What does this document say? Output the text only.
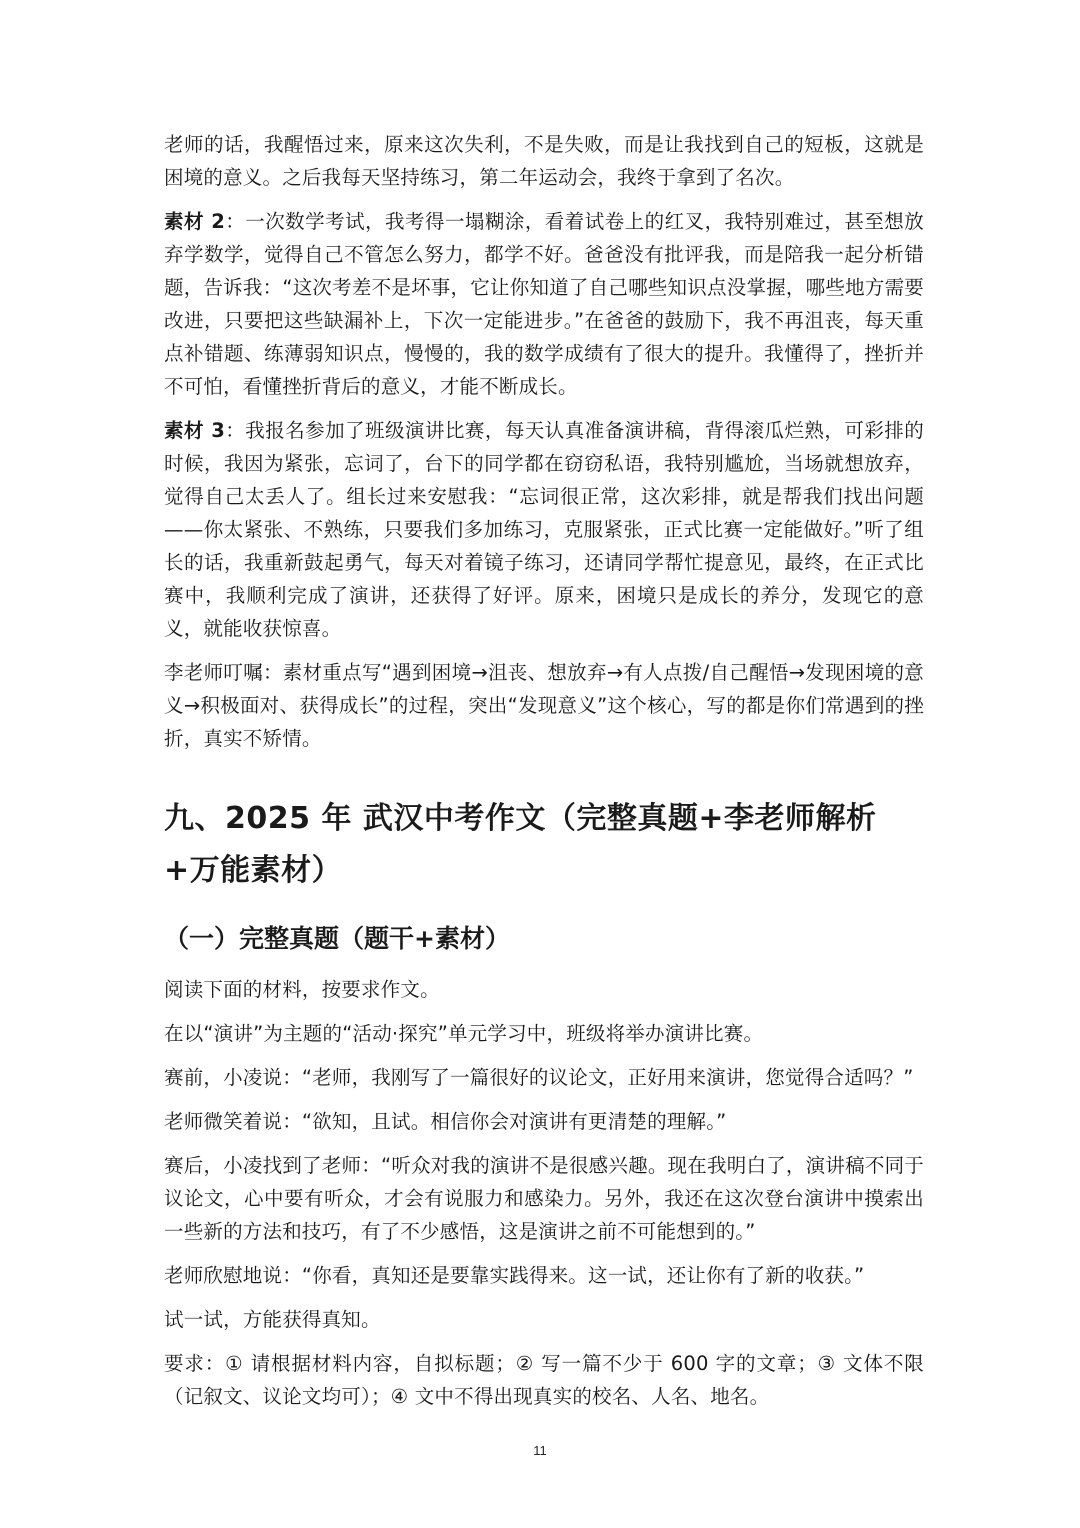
老师的话，我醒悟过来，原来这次失利，不是失败，而是让我找到自己的短板，这就是困境的意义。之后我每天坚持练习，第二年运动会，我终于拿到了名次。

素材 2：一次数学考试，我考得一塌糊涂，看着试卷上的红叉，我特别难过，甚至想放弃学数学，觉得自己不管怎么努力，都学不好。爸爸没有批评我，而是陪我一起分析错题，告诉我：“这次考差不是坏事，它让你知道了自己哪些知识点没掌握，哪些地方需要改进，只要把这些缺漏补上，下次一定能进步。”在爸爸的鼓励下，我不再沮丧，每天重点补错题、练薄弱知识点，慢慢的，我的数学成绩有了很大的提升。我懂得了，挫折并不可怕，看懂挫折背后的意义，才能不断成长。

素材 3：我报名参加了班级演讲比赛，每天认真准备演讲稿，背得滚瓜烂熟，可彩排的时候，我因为紧张，忘词了，台下的同学都在窃窃私语，我特别尴尬，当场就想放弃，觉得自己太丢人了。组长过来安慰我：“忘词很正常，这次彩排，就是帮我们找出问题——你太紧张、不熟练，只要我们多加练习，克服紧张，正式比赛一定能做好。”听了组长的话，我重新鼓起勇气，每天对着镜子练习，还请同学帮忙提意见，最终，在正式比赛中，我顺利完成了演讲，还获得了好评。原来，困境只是成长的养分，发现它的意义，就能收获惊喜。

李老师叮嘱：素材重点写“遇到困境→沮丧、想放弃→有人点拨/自己醒悟→发现困境的意义→积极面对、获得成长”的过程，突出“发现意义”这个核心，写的都是你们常遇到的挫折，真实不矫情。

九、2025 年 武汉中考作文（完整真题+李老师解析+万能素材）
（一）完整真题（题干+素材）

阅读下面的材料，按要求作文。

在以“演讲”为主题的“活动·探究”单元学习中，班级将举办演讲比赛。

赛前，小凌说：“老师，我刚写了一篇很好的议论文，正好用来演讲，您觉得合适吗？”

老师微笑着说：“欲知，且试。相信你会对演讲有更清楚的理解。”

赛后，小凌找到了老师：“听众对我的演讲不是很感兴趣。现在我明白了，演讲稿不同于议论文，心中要有听众，才会有说服力和感染力。另外，我还在这次登台演讲中摸索出一些新的方法和技巧，有了不少感悟，这是演讲之前不可能想到的。”

老师欣慰地说：“你看，真知还是要靠实践得来。这一试，还让你有了新的收获。”

试一试，方能获得真知。

要求：① 请根据材料内容，自拟标题；② 写一篇不少于 600 字的文章；③ 文体不限（记叙文、议论文均可）；④ 文中不得出现真实的校名、人名、地名。

11
